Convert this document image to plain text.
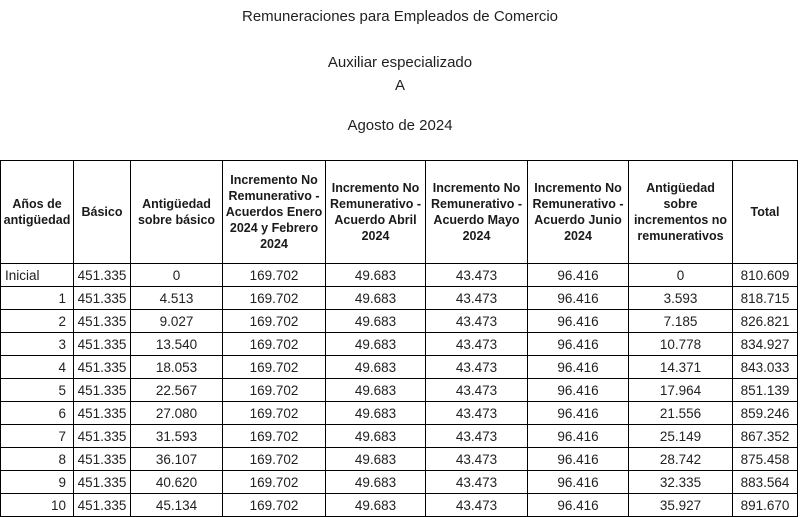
Remuneraciones para Empleados de Comercio
Auxiliar especializado
A
Agosto de 2024
Años de antigüedad	Básico	Antigüedad sobre básico	Incremento No Remunerativo - Acuerdos Enero 2024 y Febrero 2024	Incremento No Remunerativo - Acuerdo Abril 2024	Incremento No Remunerativo - Acuerdo Mayo 2024	Incremento No Remunerativo - Acuerdo Junio 2024	Antigüedad sobre incrementos no remunerativos	Total
Inicial	451.335	0	169.702	49.683	43.473	96.416	0	810.609
1	451.335	4.513	169.702	49.683	43.473	96.416	3.593	818.715
2	451.335	9.027	169.702	49.683	43.473	96.416	7.185	826.821
3	451.335	13.540	169.702	49.683	43.473	96.416	10.778	834.927
4	451.335	18.053	169.702	49.683	43.473	96.416	14.371	843.033
5	451.335	22.567	169.702	49.683	43.473	96.416	17.964	851.139
6	451.335	27.080	169.702	49.683	43.473	96.416	21.556	859.246
7	451.335	31.593	169.702	49.683	43.473	96.416	25.149	867.352
8	451.335	36.107	169.702	49.683	43.473	96.416	28.742	875.458
9	451.335	40.620	169.702	49.683	43.473	96.416	32.335	883.564
10	451.335	45.134	169.702	49.683	43.473	96.416	35.927	891.670
